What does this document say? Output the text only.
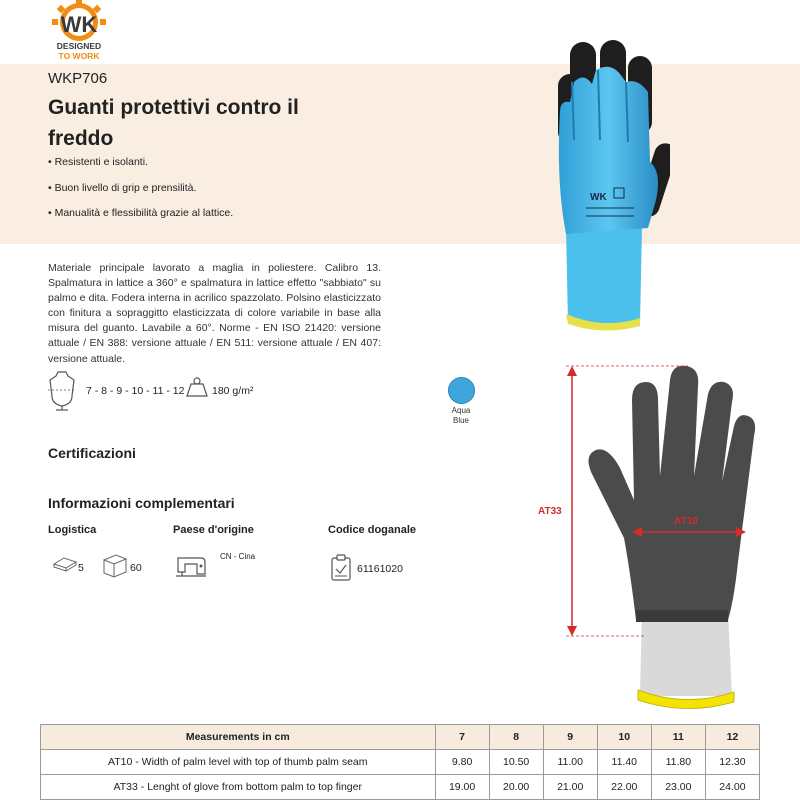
WK
DESIGNED
TO WORK
WKP706
Guanti protettivi contro il freddo
• Resistenti e isolanti.
• Buon livello di grip e prensilità.
• Manualità e flessibilità grazie al lattice.
WK
Materiale principale lavorato a maglia in poliestere. Calibro 13. Spalmatura in lattice a 360° e spalmatura in lattice effetto "sabbiato" su palmo e dita. Fodera interna in acrilico spazzolato. Polsino elasticizzato con finitura a sopraggitto elasticizzata di colore variabile in base alla misura del guanto. Lavabile a 60°. Norme - EN ISO 21420: versione attuale / EN 388: versione attuale / EN 511: versione attuale / EN 407: versione attuale.
7 - 8 - 9 - 10 - 11 - 12	180 g/m²
Aqua
Blue
Certificazioni
Informazioni complementari
Logistica	Paese d'origine	Codice doganale
5	60
CN - Cina
61161020
AT33
AT10
Measurements in cm	7	8	9	10	11	12
AT10 - Width of palm level with top of thumb palm seam	9.80	10.50	11.00	11.40	11.80	12.30
AT33 - Lenght of glove from bottom palm to top finger	19.00	20.00	21.00	22.00	23.00	24.00
